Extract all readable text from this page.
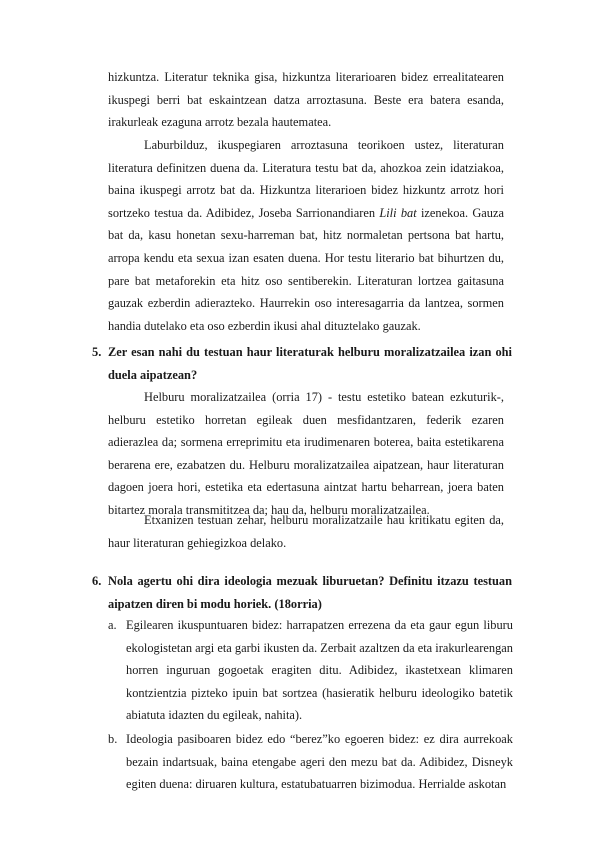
hizkuntza. Literatur teknika gisa, hizkuntza literarioaren bidez errealitatearen ikuspegi berri bat eskaintzean datza arroztasuna. Beste era batera esanda, irakurleak ezaguna arrotz bezala hautematea.
Laburbilduz, ikuspegiaren arroztasuna teorikoen ustez, literaturan literatura definitzen duena da. Literatura testu bat da, ahozkoa zein idatziakoa, baina ikuspegi arrotz bat da. Hizkuntza literarioen bidez hizkuntz arrotz hori sortzeko testua da. Adibidez, Joseba Sarrionandiaren Lili bat izenekoa. Gauza bat da, kasu honetan sexu-harreman bat, hitz normaletan pertsona bat hartu, arropa kendu eta sexua izan esaten duena. Hor testu literario bat bihurtzen du, pare bat metaforekin eta hitz oso sentiberekin. Literaturan lortzea gaitasuna gauzak ezberdin adierazteko. Haurrekin oso interesagarria da lantzea, sormen handia dutelako eta oso ezberdin ikusi ahal dituztelako gauzak.
5. Zer esan nahi du testuan haur literaturak helburu moralizatzailea izan ohi duela aipatzean?
Helburu moralizatzailea (orria 17) - testu estetiko batean ezkuturik-, helburu estetiko horretan egileak duen mesfidantzaren, federik ezaren adierazlea da; sormena erreprimitu eta irudimenaren boterea, baita estetikarena berarena ere, ezabatzen du. Helburu moralizatzailea aipatzean, haur literaturan dagoen joera hori, estetika eta edertasuna aintzat hartu beharrean, joera baten bitartez morala transmititzea da; hau da, helburu moralizatzailea.
Etxanizen testuan zehar, helburu moralizatzaile hau kritikatu egiten da, haur literaturan gehiegizkoa delako.
6. Nola agertu ohi dira ideologia mezuak liburuetan? Definitu itzazu testuan aipatzen diren bi modu horiek. (18orria)
a. Egilearen ikuspuntuaren bidez: harrapatzen errezena da eta gaur egun liburu ekologistetan argi eta garbi ikusten da. Zerbait azaltzen da eta irakurlearengan horren inguruan gogoetak eragiten ditu. Adibidez, ikastetxean klimaren kontzientzia pizteko ipuin bat sortzea (hasieratik helburu ideologiko batetik abiatuta idazten du egileak, nahita).
b. Ideologia pasiboaren bidez edo “berez”ko egoeren bidez: ez dira aurrekoak bezain indartsuak, baina etengabe ageri den mezu bat da. Adibidez, Disneyk egiten duena: diruaren kultura, estatubatuarren bizimodua. Herrialde askotan
